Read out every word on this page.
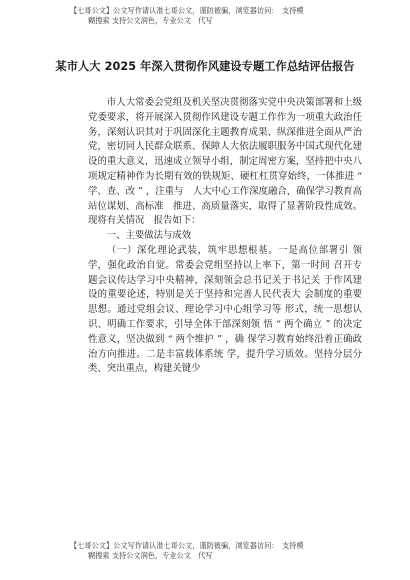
【七哥公文】公文写作请认准七哥公文，谨防被骗，浏览器访问：　支持模
糊搜索 支持公文润色，专业公文　代写
某市人大 2025 年深入贯彻作风建设专题工作总结评估报告

市人大常委会党组及机关坚决贯彻落实党中央决策部署和上级党委要求，将开展深入贯彻作风建设专题工作作为一项重大政治任务，深刻认识其对于巩固深化主题教育成果、纵深推进全面从严治党，密切同人民群众联系、保障人大依法履职服务中国式现代化建设的重大意义，迅速成立领导小组，制定周密方案，坚持把中央八项规定精神作为长期有效的铁规矩、硬杠杠贯穿始终，一体推进 “ 学、查、改 ” ，注重与　人大中心工作深度融合，确保学习教育高站位谋划、高标准　推进、高质量落实，取得了显著阶段性成效。现将有关情况　报告如下：

一、主要做法与成效

（一）深化理论武装，筑牢思想根基。一是高位部署引 领学，强化政治自觉。常委会党组坚持以上率下，第一时间 召开专题会议传达学习中央精神，深刻领会总书记关于书记关 于作风建设的重要论述，特别是关于坚持和完善人民代表大 会制度的重要思想。通过党组会议、理论学习中心组学习等 形式，统一思想认识、明确工作要求，引导全体干部深刻领 悟 “ 两个确立 ” 的决定性意义，坚决做到 “ 两个维护 ” ，确 保学习教育始终沿着正确政治方向推进。二是丰富载体系统 学，提升学习质效。坚持分层分类、突出重点，构建关键少

【七哥公文】公文写作请认准七哥公文，谨防被骗，浏览器访问：　支持模
糊搜索 支持公文润色，专业公文　代写
